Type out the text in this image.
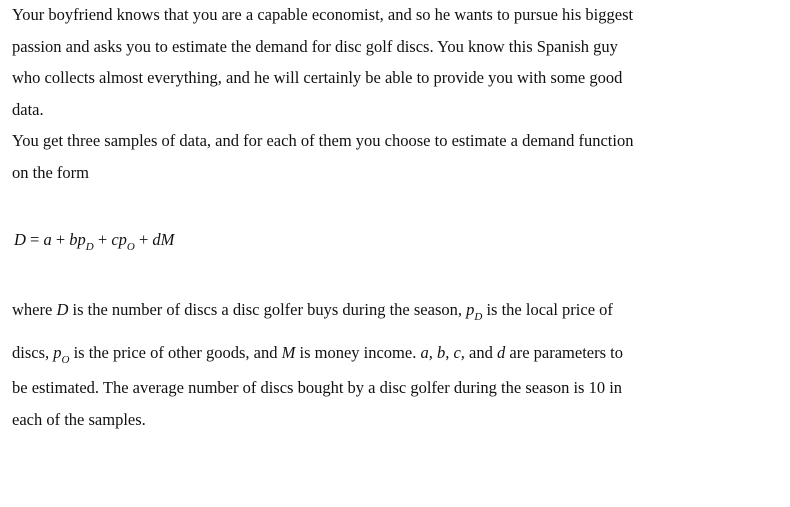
Your boyfriend knows that you are a capable economist, and so he wants to pursue his biggest
passion and asks you to estimate the demand for disc golf discs. You know this Spanish guy
who collects almost everything, and he will certainly be able to provide you with some good
data.
You get three samples of data, and for each of them you choose to estimate a demand function
on the form
$D = a + bp_D + cp_O$ + dM
where D is the number of discs a disc golfer buys during the season, $p_D$ is the local price of
discs, $p_O$ is the price of other goods, and M is money income. a, b, c, and d are parameters to
be estimated. The average number of discs bought by a disc golfer during the season is 10 in
each of the samples.
